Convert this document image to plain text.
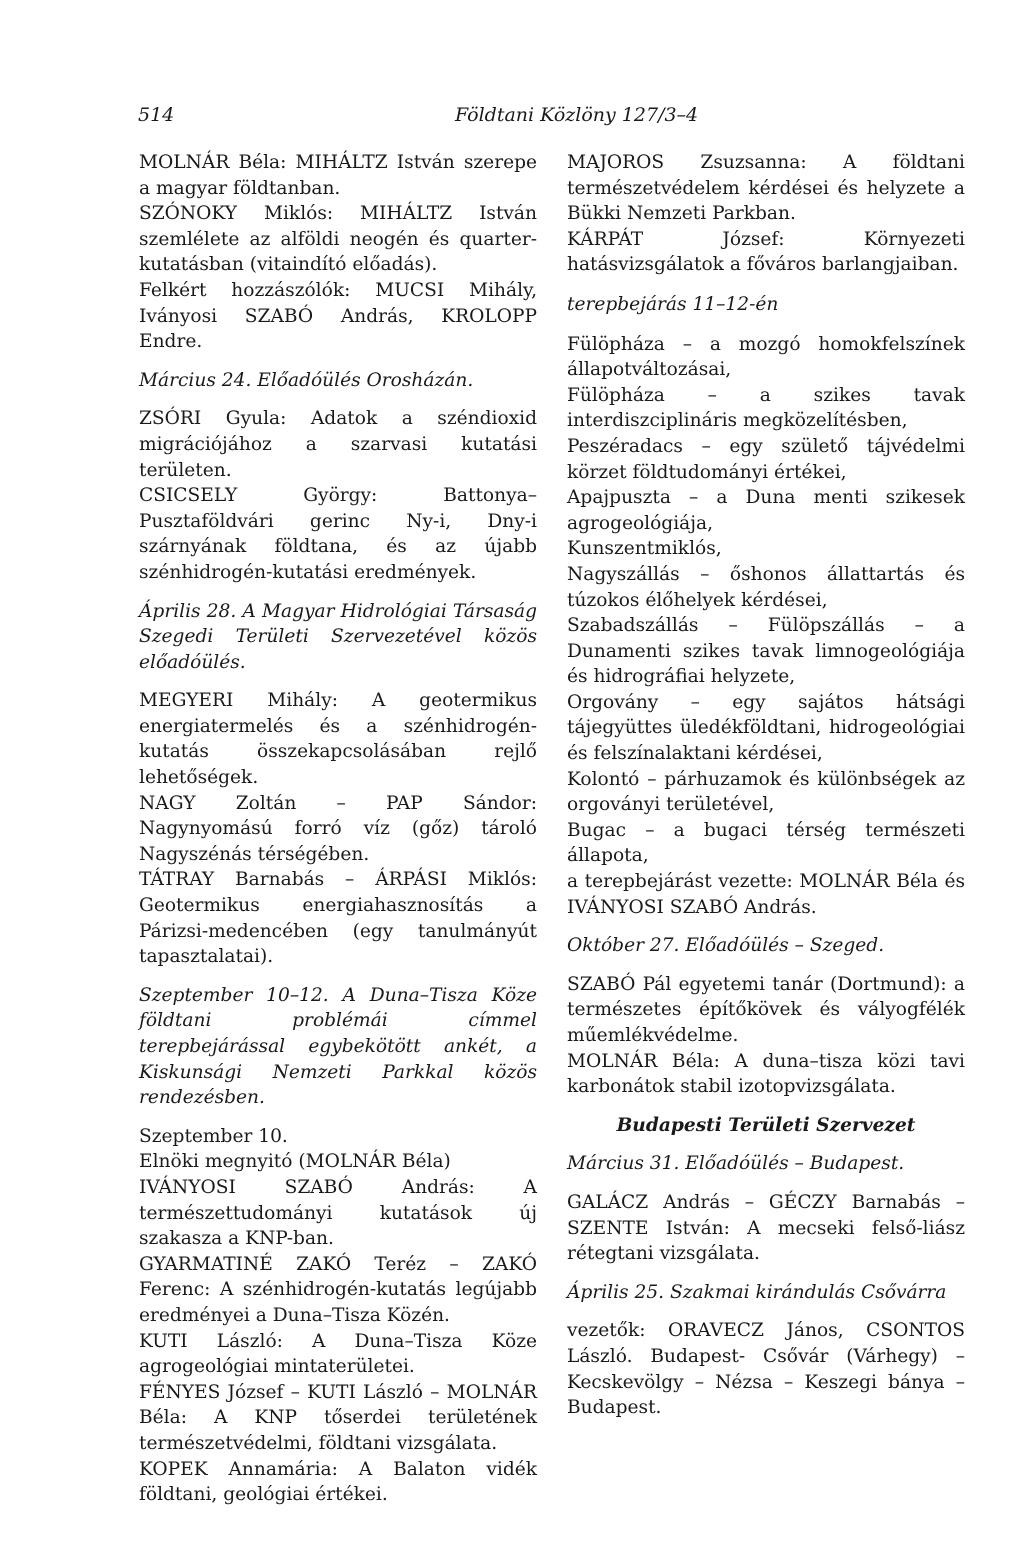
514	Földtani Közlöny 127/3–4

MOLNÁR Béla: MIHÁLTZ István szerepe a magyar földtanban.

SZÓNOKY Miklós: MIHÁLTZ István szemlélete az alföldi neogén és quarter-kutatásban (vitaindító előadás).

Felkért hozzászólók: MUCSI Mihály, Iványosi SZABÓ András, KROLOPP Endre.

Március 24. Előadóülés Orosházán.

ZSÓRI Gyula: Adatok a széndioxid migrációjához a szarvasi kutatási területen.

CSICSELY György: Battonya–Pusztaföldvári gerinc Ny-i, Dny-i szárnyának földtana, és az újabb szénhidrogén-kutatási eredmények.

Április 28. A Magyar Hidrológiai Társaság Szegedi Területi Szervezetével közös előadóülés.

MEGYERI Mihály: A geotermikus energiatermelés és a szénhidrogén-kutatás összekapcsolásában rejlő lehetőségek.

NAGY Zoltán – PAP Sándor: Nagynyomású forró víz (gőz) tároló Nagyszénás térségében.

TÁTRAY Barnabás – ÁRPÁSI Miklós: Geotermikus energiahasznosítás a Párizsi-medencében (egy tanulmányút tapasztalatai).

Szeptember 10–12. A Duna–Tisza Köze földtani problémái címmel terepbejárással egybekötött ankét, a Kiskunsági Nemzeti Parkkal közös rendezésben.

Szeptember 10.

Elnöki megnyitó (MOLNÁR Béla)

IVÁNYOSI SZABÓ András: A természettudományi kutatások új szakasza a KNP-ban.

GYARMATINÉ ZAKÓ Teréz – ZAKÓ Ferenc: A szénhidrogén-kutatás legújabb eredményei a Duna–Tisza Közén.

KUTI László: A Duna–Tisza Köze agrogeológiai mintaterületei.

FÉNYES József – KUTI László – MOLNÁR Béla: A KNP tőserdei területének természetvédelmi, földtani vizsgálata.

KOPEK Annamária: A Balaton vidék földtani, geológiai értékei.

MAJOROS Zsuzsanna: A földtani természetvédelem kérdései és helyzete a Bükki Nemzeti Parkban.

KÁRPÁT József: Környezeti hatásvizsgálatok a főváros barlangjaiban.

terepbejárás 11–12-én

Fülöpháza – a mozgó homokfelszínek állapotváltozásai,

Fülöpháza – a szikes tavak interdiszciplináris megközelítésben,

Peszéradacs – egy születő tájvédelmi körzet földtudományi értékei,

Apajpuszta – a Duna menti szikesek agrogeológiája,

Kunszentmiklós,

Nagyszállás – őshonos állattartás és túzokos élőhelyek kérdései,

Szabadszállás – Fülöpszállás – a Dunamenti szikes tavak limnogeológiája és hidrográfiai helyzete,

Orgovány – egy sajátos hátsági tájegyüttes üledékföldtani, hidrogeológiai és felszínalaktani kérdései,

Kolontó – párhuzamok és különbségek az orgoványi területével,

Bugac – a bugaci térség természeti állapota,

a terepbejárást vezette: MOLNÁR Béla és IVÁNYOSI SZABÓ András.

Október 27. Előadóülés – Szeged.

SZABÓ Pál egyetemi tanár (Dortmund): a természetes építőkövek és vályogfélék műemlékvédelme.

MOLNÁR Béla: A duna–tisza közi tavi karbonátok stabil izotopvizsgálata.

Budapesti Területi Szervezet

Március 31. Előadóülés – Budapest.

GALÁCZ András – GÉCZY Barnabás – SZENTE István: A mecseki felső-liász rétegtani vizsgálata.

Április 25. Szakmai kirándulás Csővárra

vezetők: ORAVECZ János, CSONTOS László. Budapest- Csővár (Várhegy) – Kecskevölgy – Nézsa – Keszegi bánya – Budapest.
